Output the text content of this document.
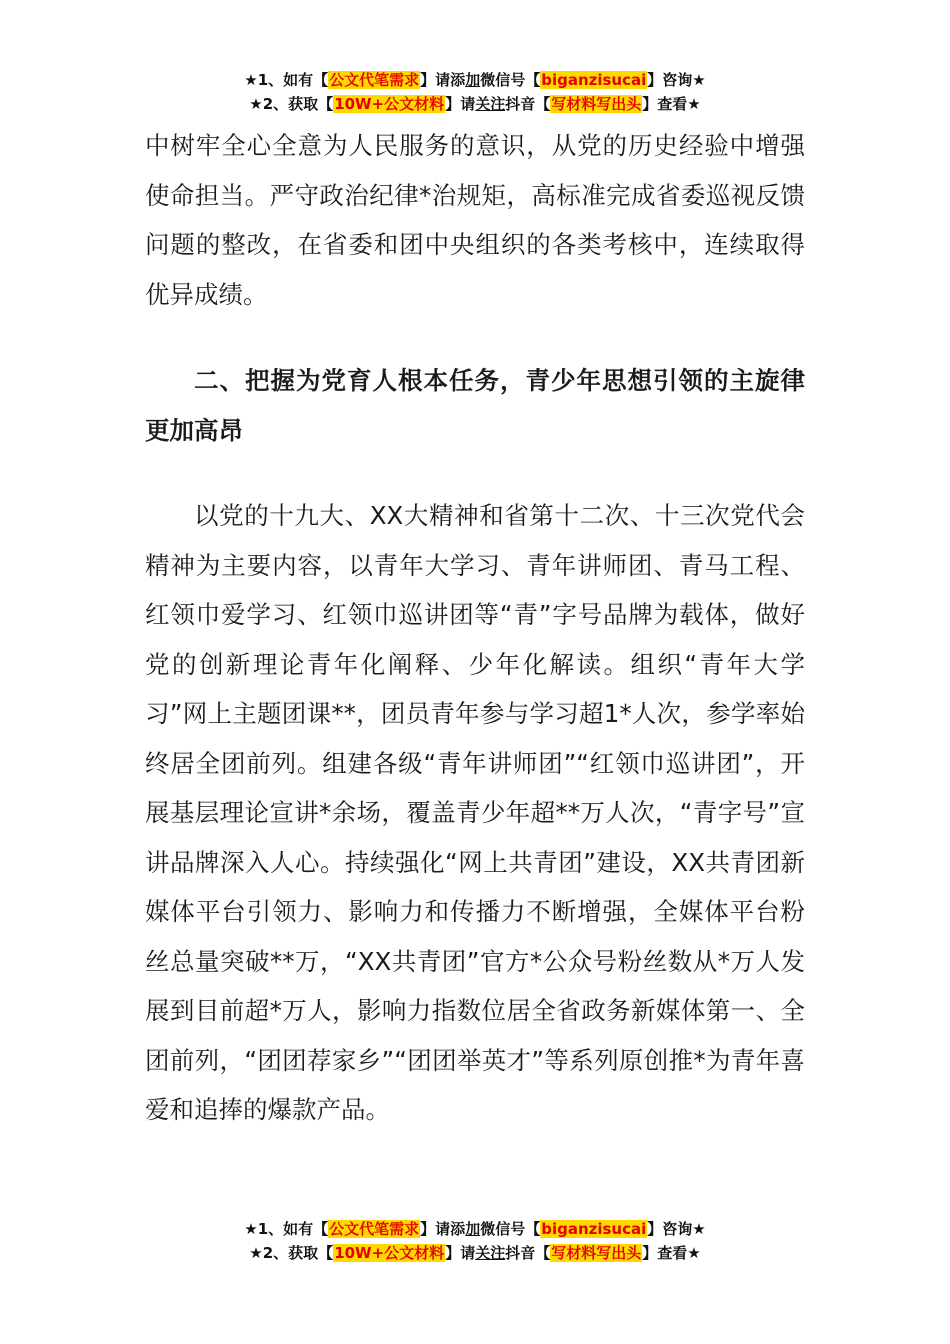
★1、如有【公文代笔需求】请添加微信号【biganzisucai】咨询★
★2、获取【10W+公文材料】请关注抖音【写材料写出头】查看★
中树牢全心全意为人民服务的意识，从党的历史经验中增强使命担当。严守政治纪律*治规矩，高标准完成省委巡视反馈问题的整改，在省委和团中央组织的各类考核中，连续取得优异成绩。
二、把握为党育人根本任务，青少年思想引领的主旋律更加高昂
以党的十九大、XX大精神和省第十二次、十三次党代会精神为主要内容，以青年大学习、青年讲师团、青马工程、红领巾爱学习、红领巾巡讲团等“青”字号品牌为载体，做好党的创新理论青年化阐释、少年化解读。组织“青年大学习”网上主题团课**，团员青年参与学习超1*人次，参学率始终居全团前列。组建各级“青年讲师团”“红领巾巡讲团”，开展基层理论宣讲*余场，覆盖青少年超**万人次，“青字号”宣讲品牌深入人心。持续强化“网上共青团”建设，XX共青团新媒体平台引领力、影响力和传播力不断增强，全媒体平台粉丝总量突破**万，“XX共青团”官方*公众号粉丝数从*万人发展到目前超*万人，影响力指数位居全省政务新媒体第一、全团前列，“团团荐家乡”“团团举英才”等系列原创推*为青年喜爱和追捧的爆款产品。
★1、如有【公文代笔需求】请添加微信号【biganzisucai】咨询★
★2、获取【10W+公文材料】请关注抖音【写材料写出头】查看★
